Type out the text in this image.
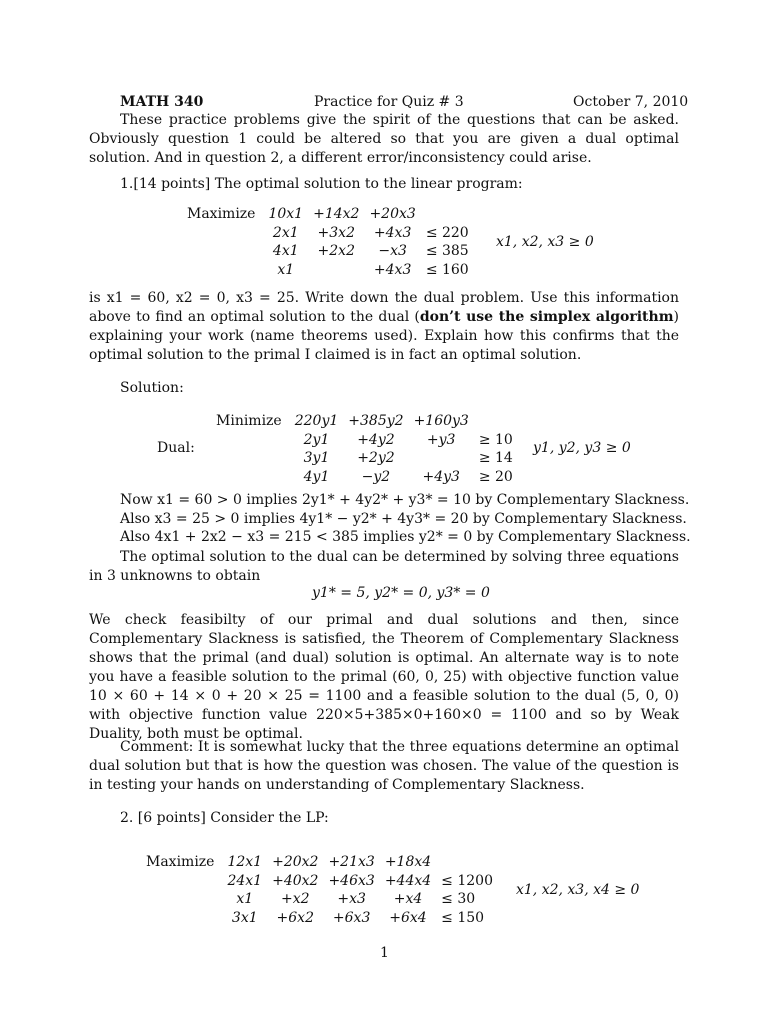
MATH 340	Practice for Quiz # 3	October 7, 2010
These practice problems give the spirit of the questions that can be asked. Obviously question 1 could be altered so that you are given a dual optimal solution. And in question 2, a different error/inconsistency could arise.
1.[14 points] The optimal solution to the linear program:
Maximize	10x1	+14x2	+20x3	
	2x1	+3x2	+4x3	≤ 220
	4x1	+2x2	−x3	≤ 385
	x1		+4x3	≤ 160
x1, x2, x3 ≥ 0
is x1 = 60, x2 = 0, x3 = 25. Write down the dual problem. Use this information above to find an optimal solution to the dual (don’t use the simplex algorithm) explaining your work (name theorems used). Explain how this confirms that the optimal solution to the primal I claimed is in fact an optimal solution.
Solution:
Dual:
Minimize	220y1	+385y2	+160y3	
	2y1	+4y2	+y3	≥ 10
	3y1	+2y2		≥ 14
	4y1	−y2	+4y3	≥ 20
y1, y2, y3 ≥ 0
Now x1 = 60 > 0 implies 2y1* + 4y2* + y3* = 10 by Complementary Slackness.
Also x3 = 25 > 0 implies 4y1* − y2* + 4y3* = 20 by Complementary Slackness.
Also 4x1 + 2x2 − x3 = 215 < 385 implies y2* = 0 by Complementary Slackness.
The optimal solution to the dual can be determined by solving three equations in 3 unknowns to obtain
y1* = 5, y2* = 0, y3* = 0
We check feasibilty of our primal and dual solutions and then, since Complementary Slackness is satisfied, the Theorem of Complementary Slackness shows that the primal (and dual) solution is optimal. An alternate way is to note you have a feasible solution to the primal (60, 0, 25) with objective function value 10 × 60 + 14 × 0 + 20 × 25 = 1100 and a feasible solution to the dual (5, 0, 0) with objective function value 220×5+385×0+160×0 = 1100 and so by Weak Duality, both must be optimal.
Comment: It is somewhat lucky that the three equations determine an optimal dual solution but that is how the question was chosen. The value of the question is in testing your hands on understanding of Complementary Slackness.
2. [6 points] Consider the LP:
Maximize	12x1	+20x2	+21x3	+18x4	
	24x1	+40x2	+46x3	+44x4	≤ 1200
	x1	+x2	+x3	+x4	≤ 30
	3x1	+6x2	+6x3	+6x4	≤ 150
x1, x2, x3, x4 ≥ 0
1
